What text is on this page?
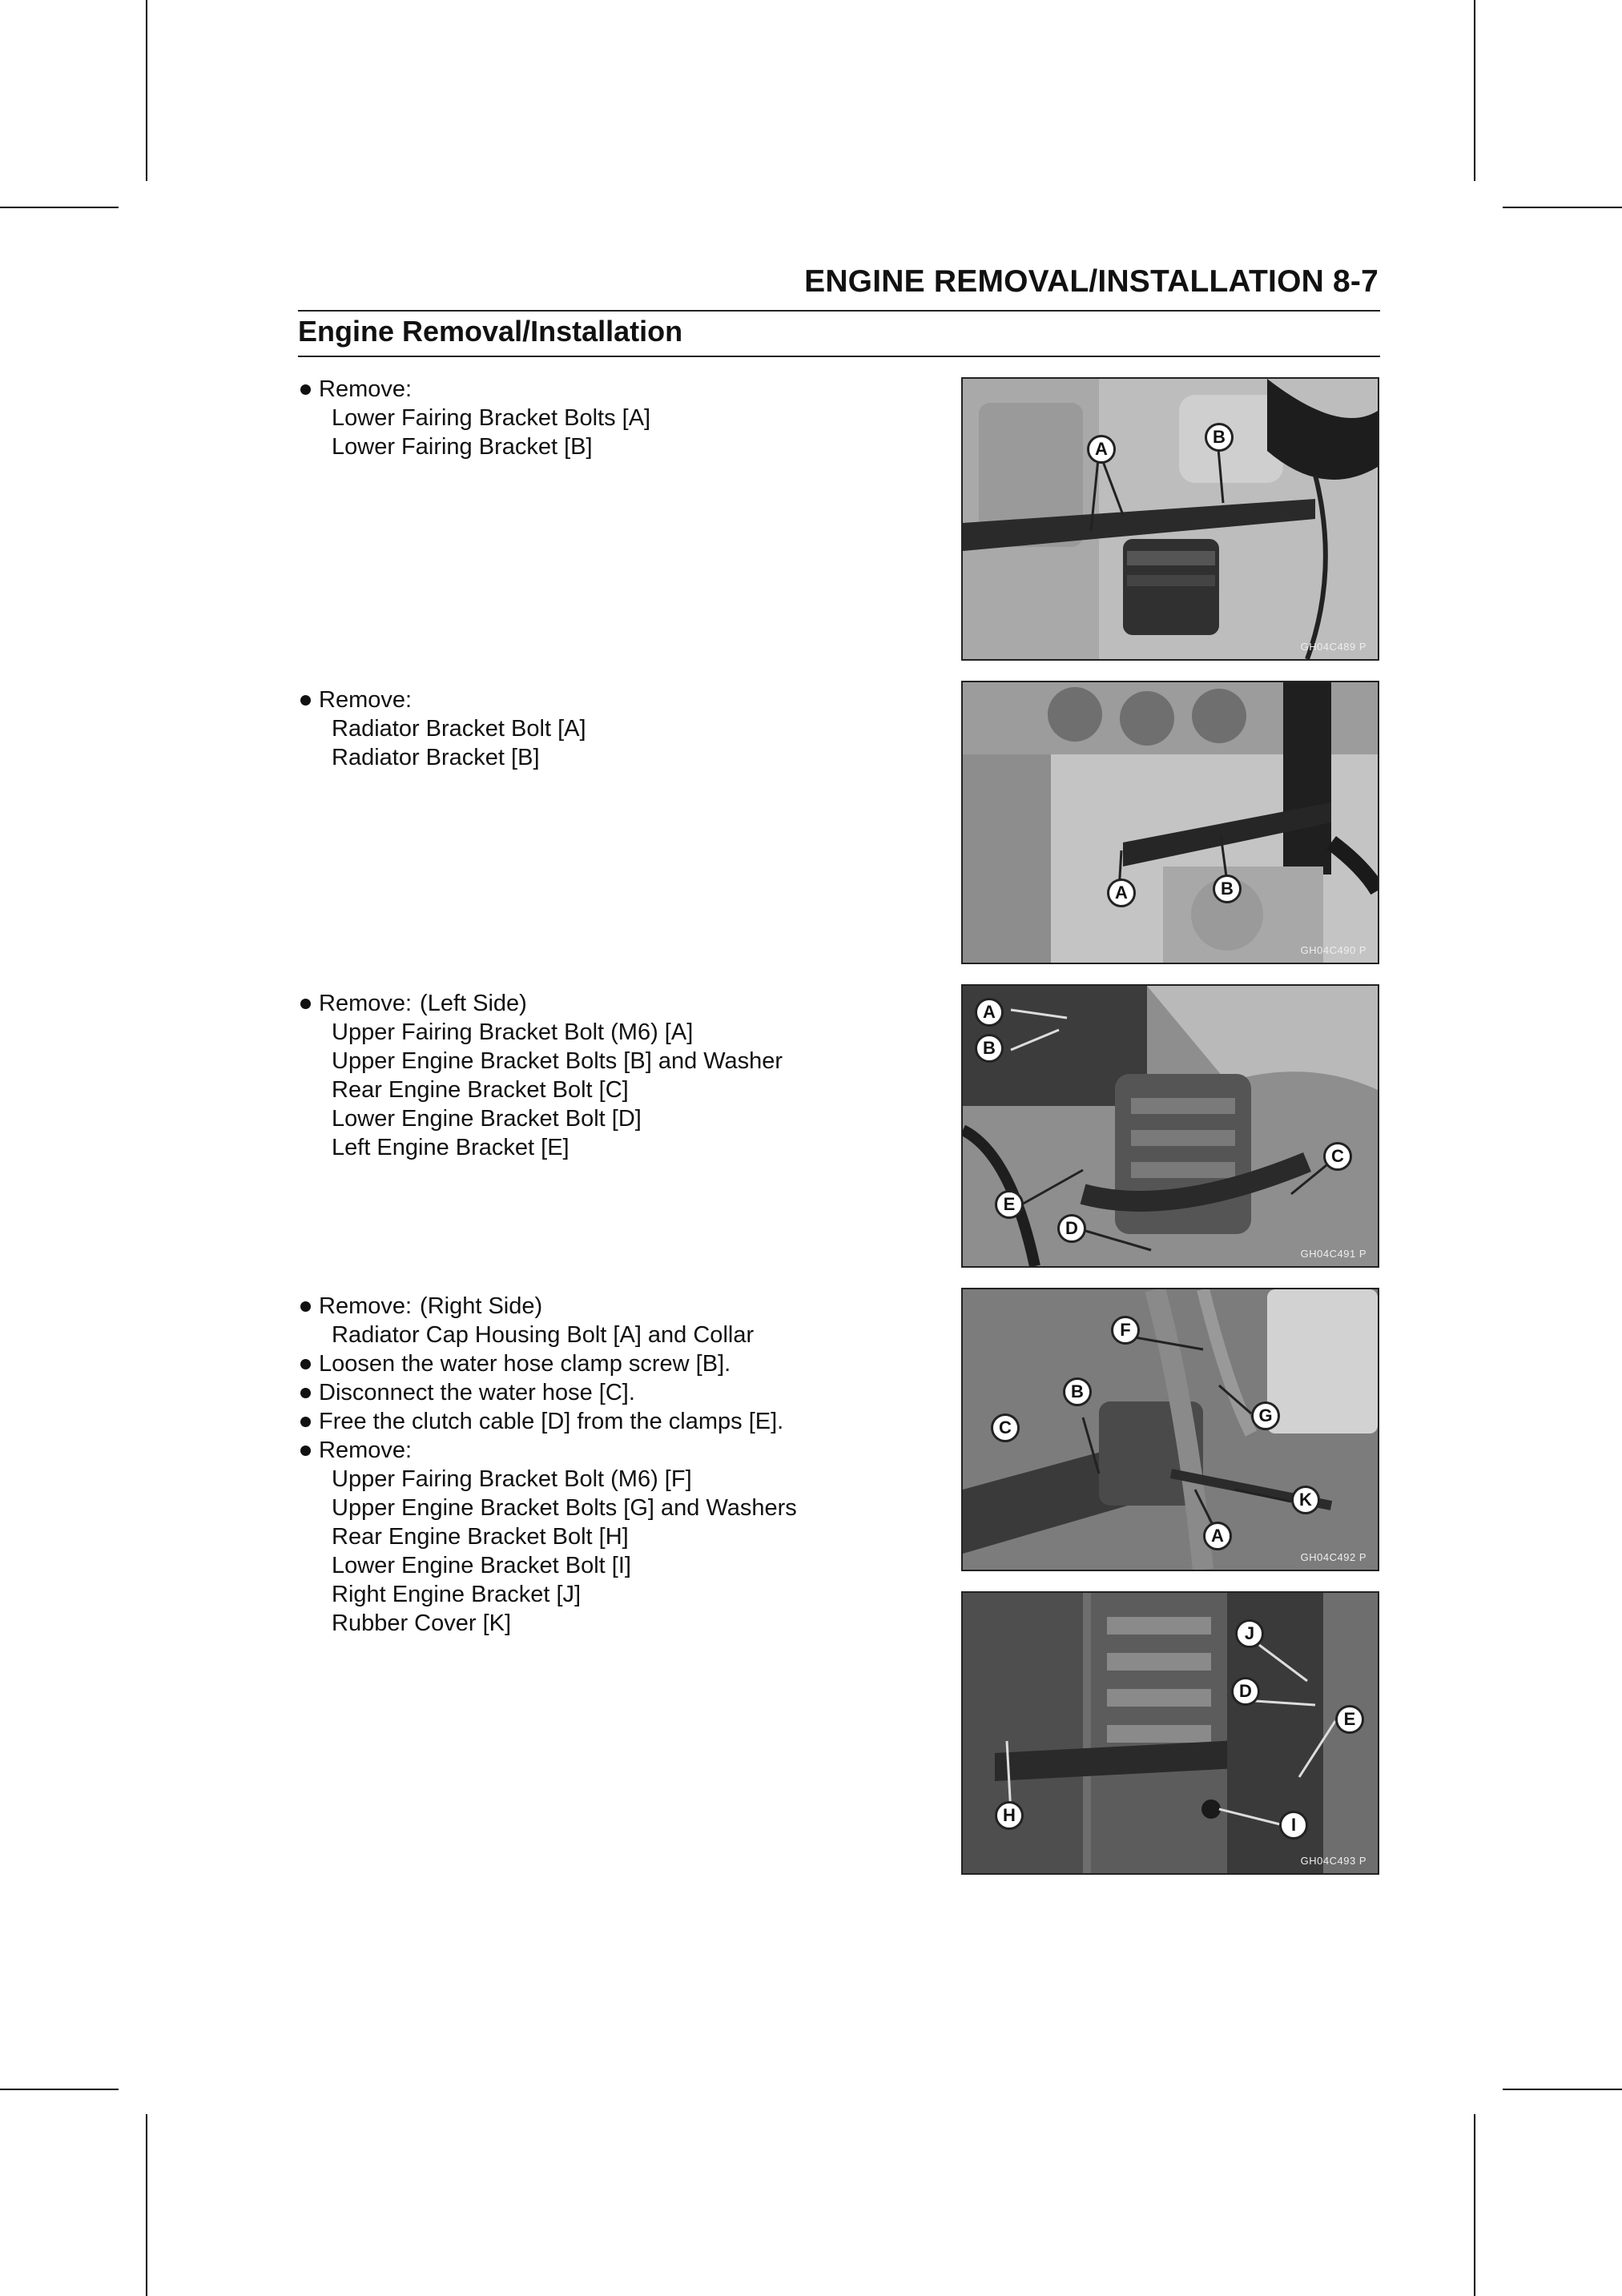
ENGINE REMOVAL/INSTALLATION 8-7
Engine Removal/Installation
Remove:
Lower Fairing Bracket Bolts [A]
Lower Fairing Bracket [B]
Remove:
Radiator Bracket Bolt [A]
Radiator Bracket [B]
Remove: (Left Side)
Upper Fairing Bracket Bolt (M6) [A]
Upper Engine Bracket Bolts [B] and Washer
Rear Engine Bracket Bolt [C]
Lower Engine Bracket Bolt [D]
Left Engine Bracket [E]
Remove: (Right Side)
Radiator Cap Housing Bolt [A] and Collar
Loosen the water hose clamp screw [B].
Disconnect the water hose [C].
Free the clutch cable [D] from the clamps [E].
Remove:
Upper Fairing Bracket Bolt (M6) [F]
Upper Engine Bracket Bolts [G] and Washers
Rear Engine Bracket Bolt [H]
Lower Engine Bracket Bolt [I]
Right Engine Bracket [J]
Rubber Cover [K]
A
B
GH04C489 P
A	B
GH04C490 P
A
B
C
E
D
GH04C491 P
F
B
G
C
K
A
GH04C492 P
J
D
E
H	I
GH04C493 P
